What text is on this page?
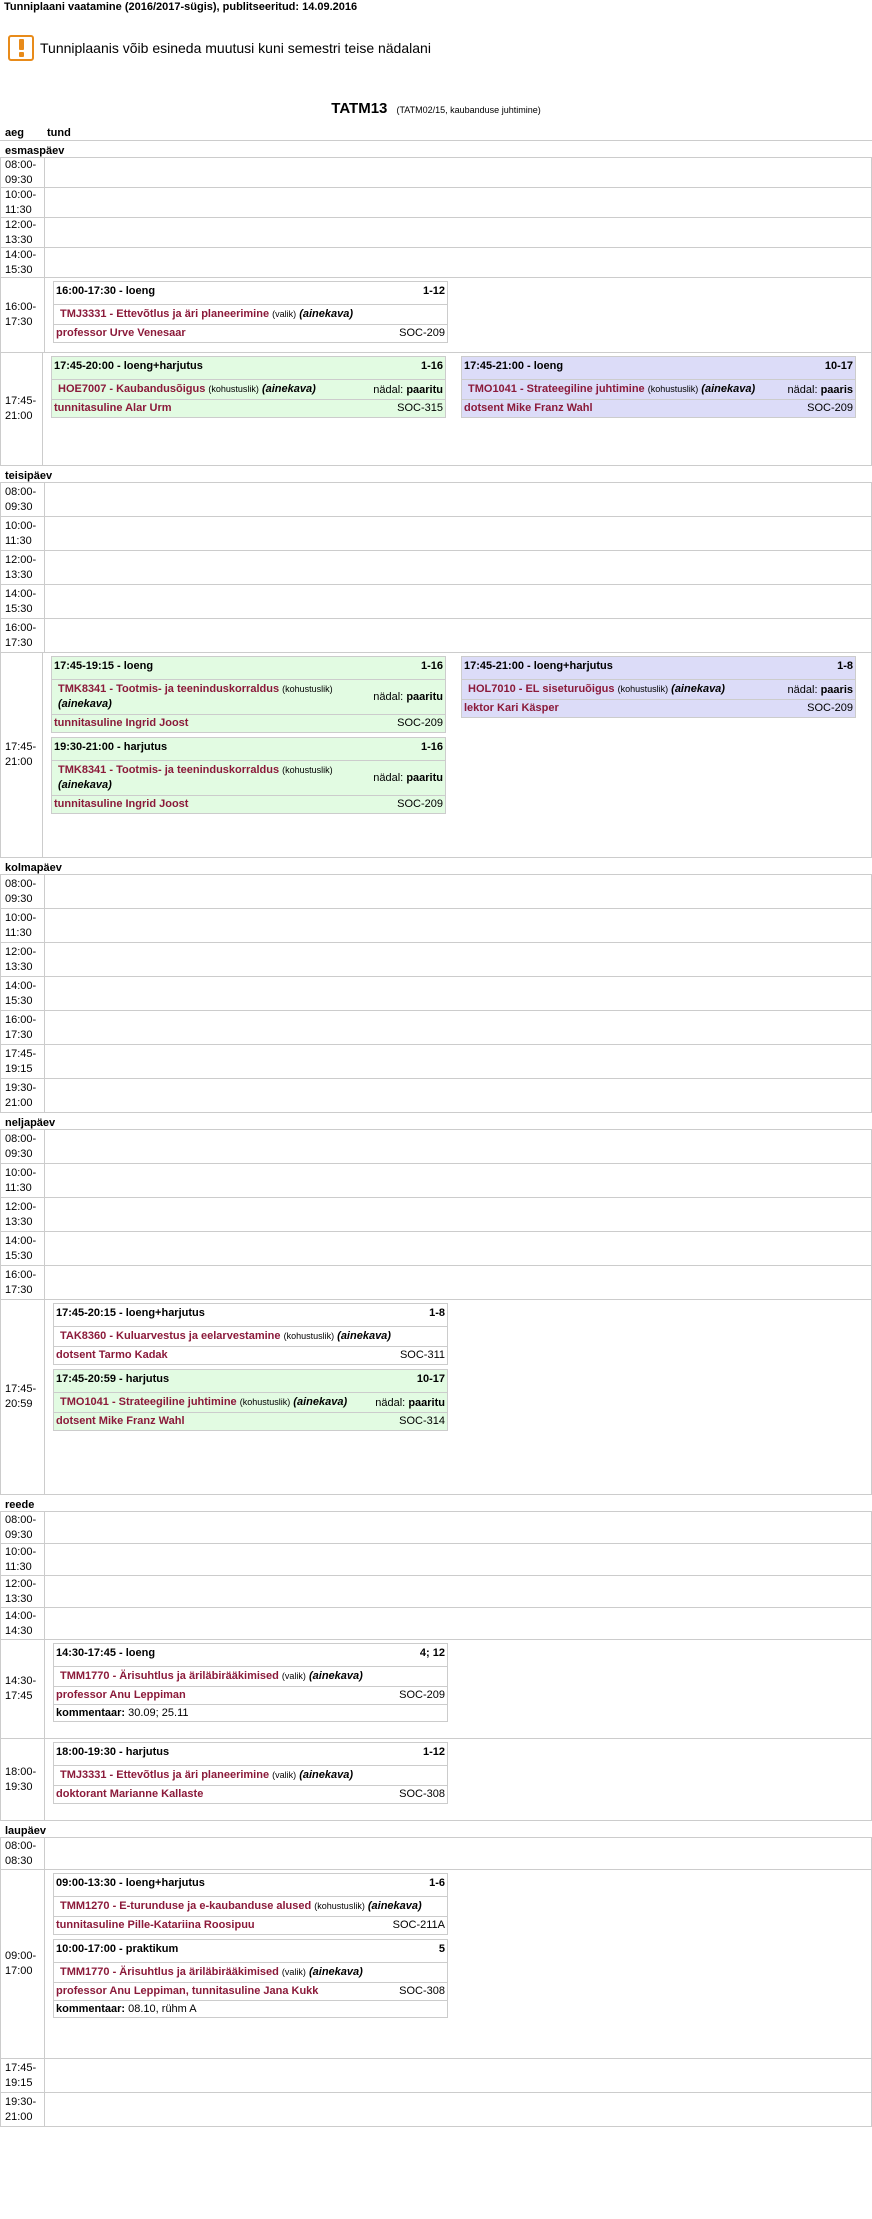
Tunniplaani vaatamine (2016/2017-sügis), publitseeritud: 14.09.2016
Tunniplaanis võib esineda muutusi kuni semestri teise nädalani
TATM13 (TATM02/15, kaubanduse juhtimine)
aeg	tund
esmaspäev
08:00-
09:30
10:00-
11:30
12:00-
13:30
14:00-
15:30
16:00-
17:30
16:00-17:30 - loeng	1-12
TMJ3331 - Ettevõtlus ja äri planeerimine (valik) (ainekava)
professor Urve Venesaar	SOC-209
17:45-
21:00
17:45-20:00 - loeng+harjutus	1-16
HOE7007 - Kaubandusõigus (kohustuslik) (ainekava)	nädal: paaritu
tunnitasuline Alar Urm	SOC-315
17:45-21:00 - loeng	10-17
TMO1041 - Strateegiline juhtimine (kohustuslik) (ainekava)	nädal: paaris
dotsent Mike Franz Wahl	SOC-209
teisipäev
08:00-
09:30
10:00-
11:30
12:00-
13:30
14:00-
15:30
16:00-
17:30
17:45-
21:00
17:45-19:15 - loeng	1-16
TMK8341 - Tootmis- ja teeninduskorraldus (kohustuslik) (ainekava)
nädal: paaritu
tunnitasuline Ingrid Joost	SOC-209
19:30-21:00 - harjutus	1-16
TMK8341 - Tootmis- ja teeninduskorraldus (kohustuslik) (ainekava)
nädal: paaritu
tunnitasuline Ingrid Joost	SOC-209
17:45-21:00 - loeng+harjutus	1-8
HOL7010 - EL siseturuõigus (kohustuslik) (ainekava)	nädal: paaris
lektor Kari Käsper	SOC-209
kolmapäev
08:00-
09:30
10:00-
11:30
12:00-
13:30
14:00-
15:30
16:00-
17:30
17:45-
19:15
19:30-
21:00
neljapäev
08:00-
09:30
10:00-
11:30
12:00-
13:30
14:00-
15:30
16:00-
17:30
17:45-
20:59
17:45-20:15 - loeng+harjutus	1-8
TAK8360 - Kuluarvestus ja eelarvestamine (kohustuslik) (ainekava)
dotsent Tarmo Kadak	SOC-311
17:45-20:59 - harjutus	10-17
TMO1041 - Strateegiline juhtimine (kohustuslik) (ainekava)	nädal: paaritu
dotsent Mike Franz Wahl	SOC-314
reede
08:00-
09:30
10:00-
11:30
12:00-
13:30
14:00-
14:30
14:30-
17:45
14:30-17:45 - loeng	4; 12
TMM1770 - Ärisuhtlus ja äriläbirääkimised (valik) (ainekava)
professor Anu Leppiman	SOC-209
kommentaar: 30.09; 25.11
18:00-
19:30
18:00-19:30 - harjutus	1-12
TMJ3331 - Ettevõtlus ja äri planeerimine (valik) (ainekava)
doktorant Marianne Kallaste	SOC-308
laupäev
08:00-
08:30
09:00-
17:00
09:00-13:30 - loeng+harjutus	1-6
TMM1270 - E-turunduse ja e-kaubanduse alused (kohustuslik) (ainekava)
tunnitasuline Pille-Katariina Roosipuu	SOC-211A
10:00-17:00 - praktikum	5
TMM1770 - Ärisuhtlus ja äriläbirääkimised (valik) (ainekava)
professor Anu Leppiman, tunnitasuline Jana Kukk	SOC-308
kommentaar: 08.10, rühm A
17:45-
19:15
19:30-
21:00
